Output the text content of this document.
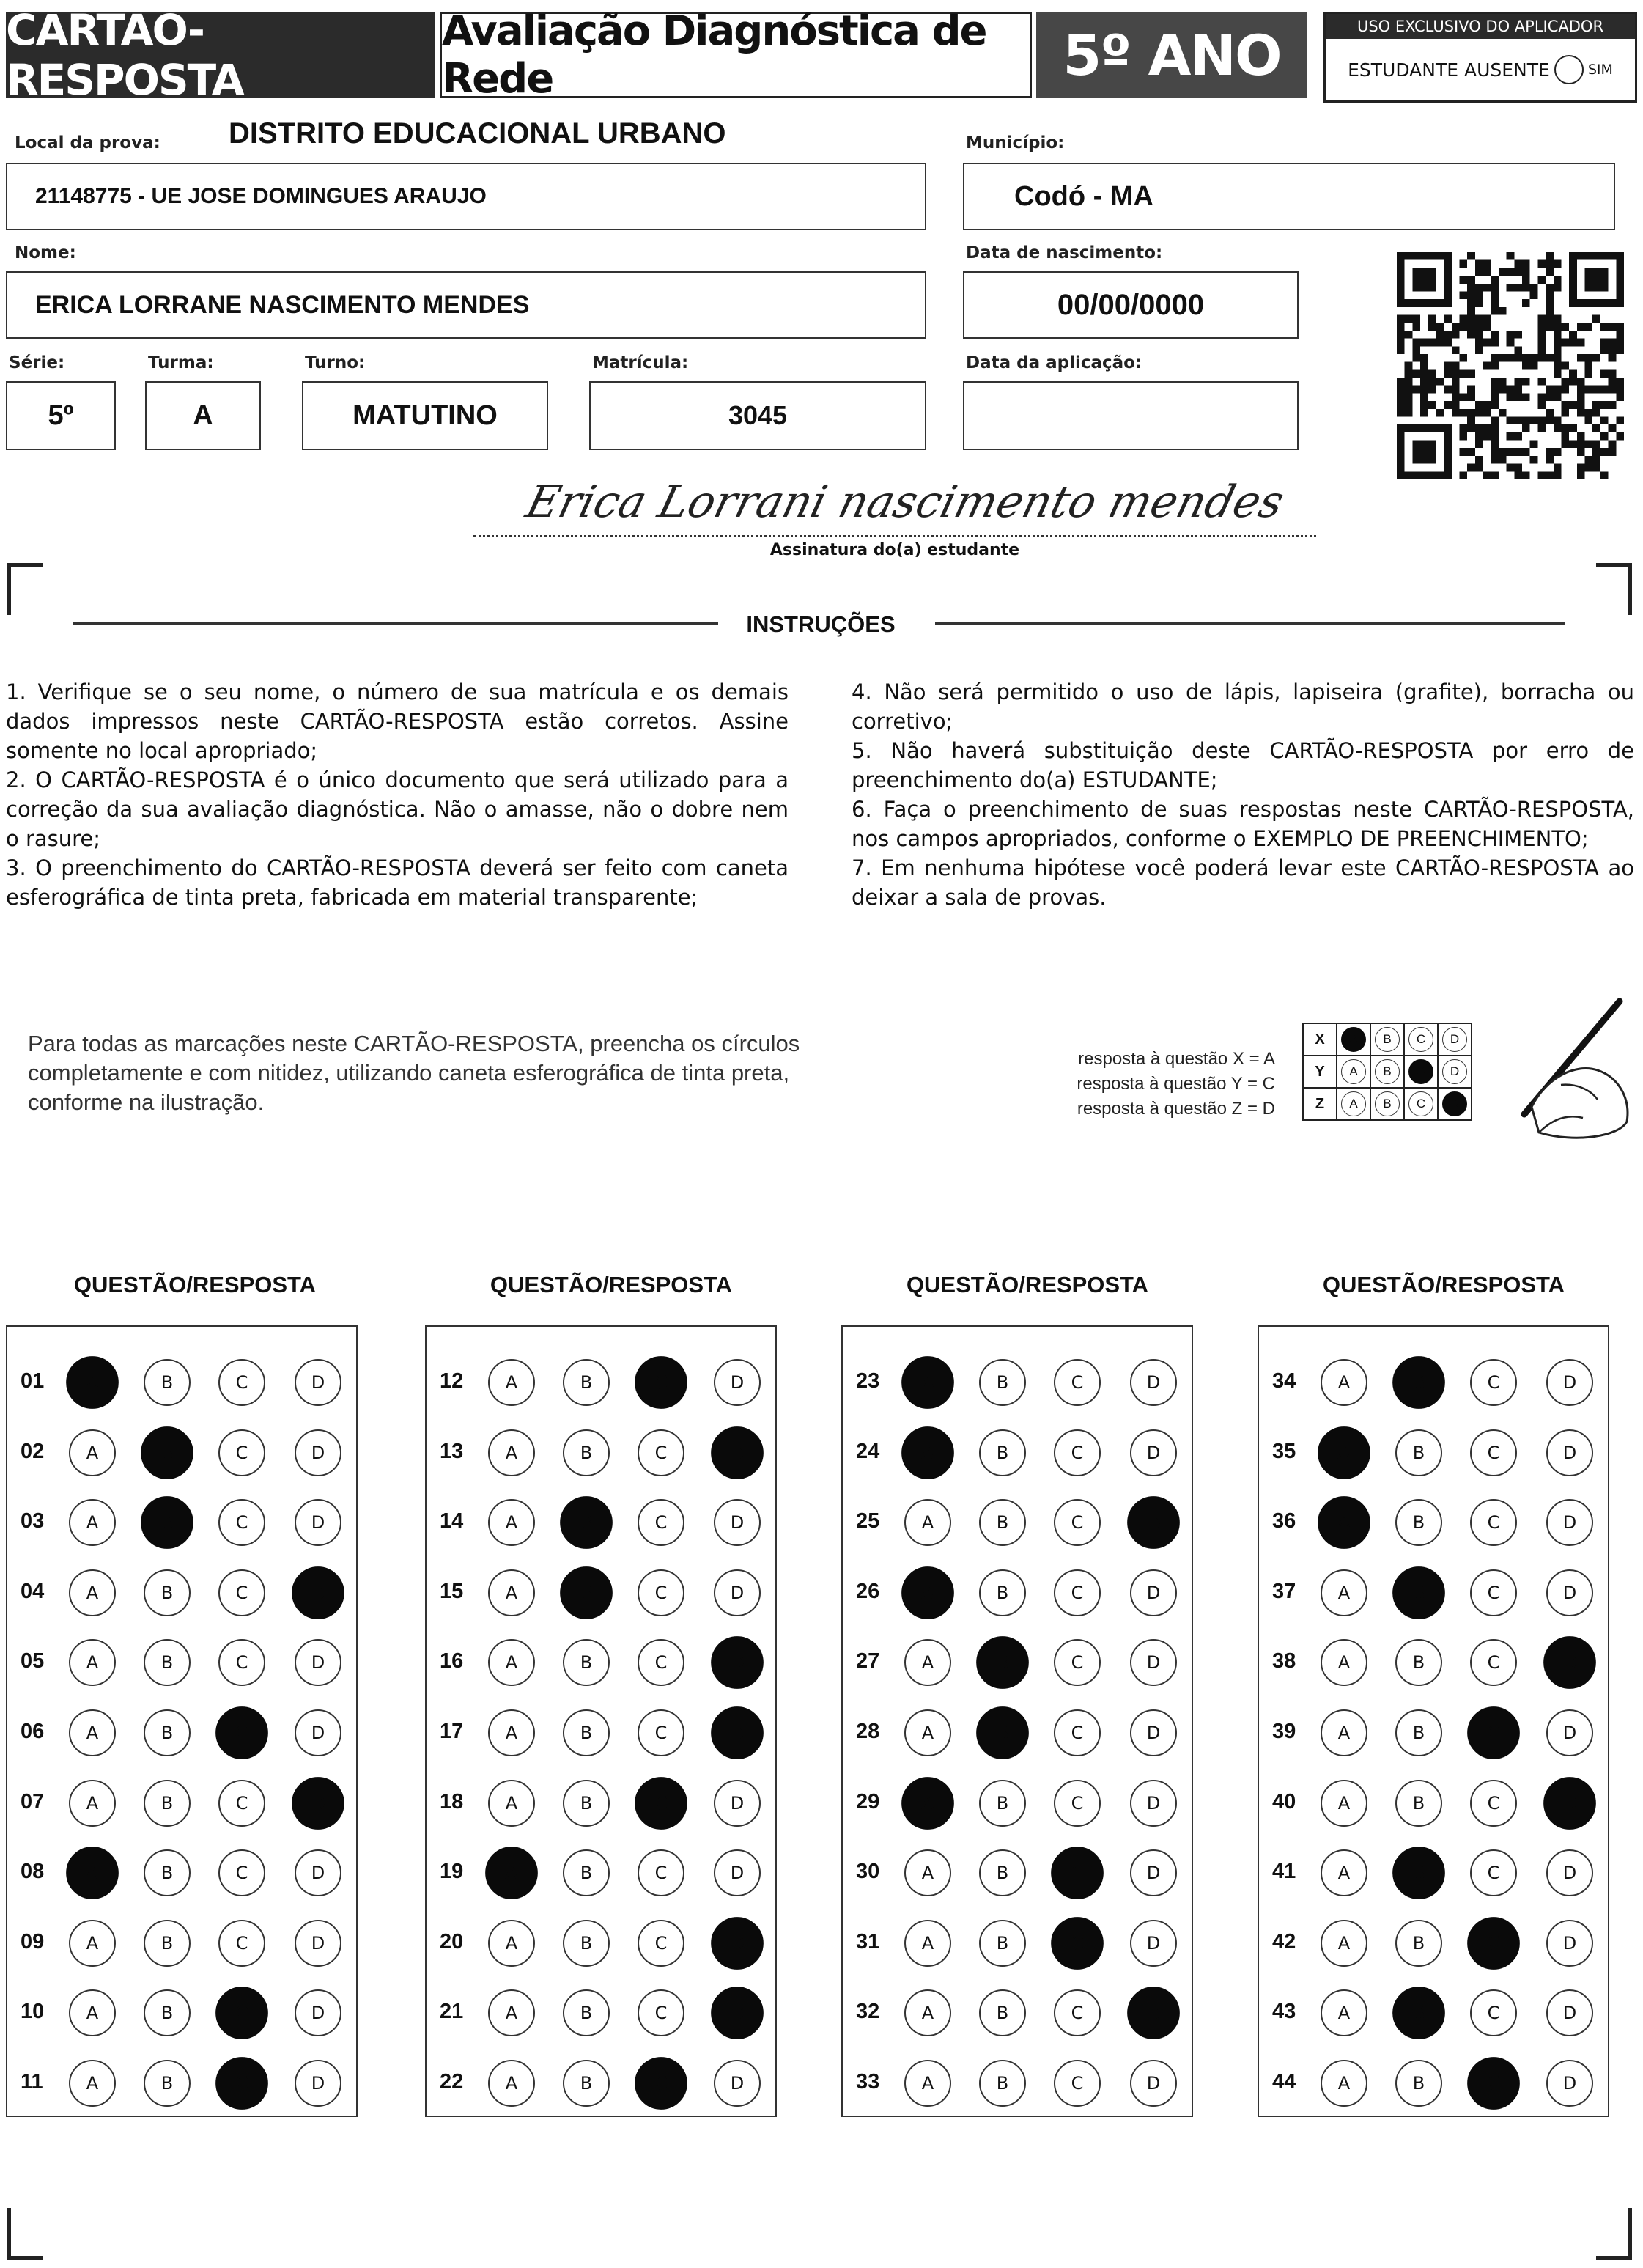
CARTÃO-RESPOSTA
Avaliação Diagnóstica de Rede	5º ANO	USO EXCLUSIVO DO APLICADOR
ESTUDANTE AUSENTE	SIM
Local da prova: DISTRITO EDUCACIONAL URBANO
21148775 - UE JOSE DOMINGUES ARAUJO
Município:
Codó - MA
Nome:
ERICA LORRANE NASCIMENTO MENDES
Data de nascimento:
00/00/0000
Série:
5º
Turma:
A
Turno:
MATUTINO
Matrícula:
3045
Data da aplicação:
Erica Lorrani nascimento mendes
Assinatura do(a) estudante
INSTRUÇÕES

1. Verifique se o seu nome, o número de sua matrícula e os demais dados impressos neste CARTÃO-RESPOSTA estão corretos. Assine somente no local apropriado;

2. O CARTÃO-RESPOSTA é o único documento que será utilizado para a correção da sua avaliação diagnóstica. Não o amasse, não o dobre nem o rasure;

3. O preenchimento do CARTÃO-RESPOSTA deverá ser feito com caneta esferográfica de tinta preta, fabricada em material transparente;

4. Não será permitido o uso de lápis, lapiseira (grafite), borracha ou corretivo;

5. Não haverá substituição deste CARTÃO-RESPOSTA por erro de preenchimento do(a) ESTUDANTE;

6. Faça o preenchimento de suas respostas neste CARTÃO-RESPOSTA, nos campos apropriados, conforme o EXEMPLO DE PREENCHIMENTO;

7. Em nenhuma hipótese você poderá levar este CARTÃO-RESPOSTA ao deixar a sala de provas.

Para todas as marcações neste CARTÃO-RESPOSTA, preencha os círculos completamente e com nitidez, utilizando caneta esferográfica de tinta preta, conforme na ilustração.
resposta à questão X = A
resposta à questão Y = C
resposta à questão Z = D
X	A	B	C	D
Y	A	B	C	D
Z	A	B	C	D
QUESTÃO/RESPOSTA
01	A	B	C	D
02	A	B	C	D
03	A	B	C	D
04	A	B	C	D
05	A	B	C	D
06	A	B	C	D
07	A	B	C	D
08	A	B	C	D
09	A	B	C	D
10	A	B	C	D
11	A	B	C	D
QUESTÃO/RESPOSTA
12	A	B	C	D
13	A	B	C	D
14	A	B	C	D
15	A	B	C	D
16	A	B	C	D
17	A	B	C	D
18	A	B	C	D
19	A	B	C	D
20	A	B	C	D
21	A	B	C	D
22	A	B	C	D
QUESTÃO/RESPOSTA
23	A	B	C	D
24	A	B	C	D
25	A	B	C	D
26	A	B	C	D
27	A	B	C	D
28	A	B	C	D
29	A	B	C	D
30	A	B	C	D
31	A	B	C	D
32	A	B	C	D
33	A	B	C	D
QUESTÃO/RESPOSTA
34	A	B	C	D
35	A	B	C	D
36	A	B	C	D
37	A	B	C	D
38	A	B	C	D
39	A	B	C	D
40	A	B	C	D
41	A	B	C	D
42	A	B	C	D
43	A	B	C	D
44	A	B	C	D
